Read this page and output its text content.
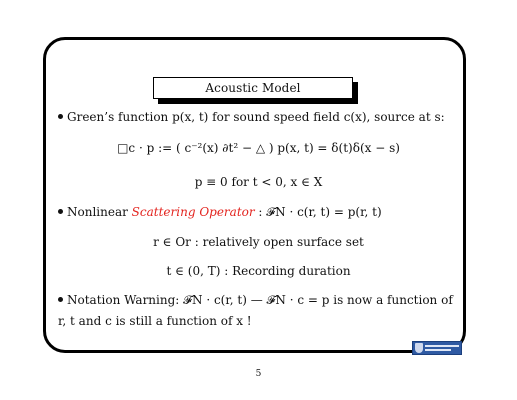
Acoustic Model
Green’s function p(x, t) for sound speed field c(x), source at s:
□c · p := ( c⁻²(x) ∂t² − △ ) p(x, t) = δ(t)δ(x − s)
p ≡ 0 for t < 0, x ∈ X
Nonlinear Scattering Operator : 𝓕N · c(r, t) = p(r, t)
r ∈ Or : relatively open surface set
t ∈ (0, T) : Recording duration
Notation Warning: 𝓕N · c(r, t) — 𝓕N · c = p is now a function of
r, t and c is still a function of x !
5
